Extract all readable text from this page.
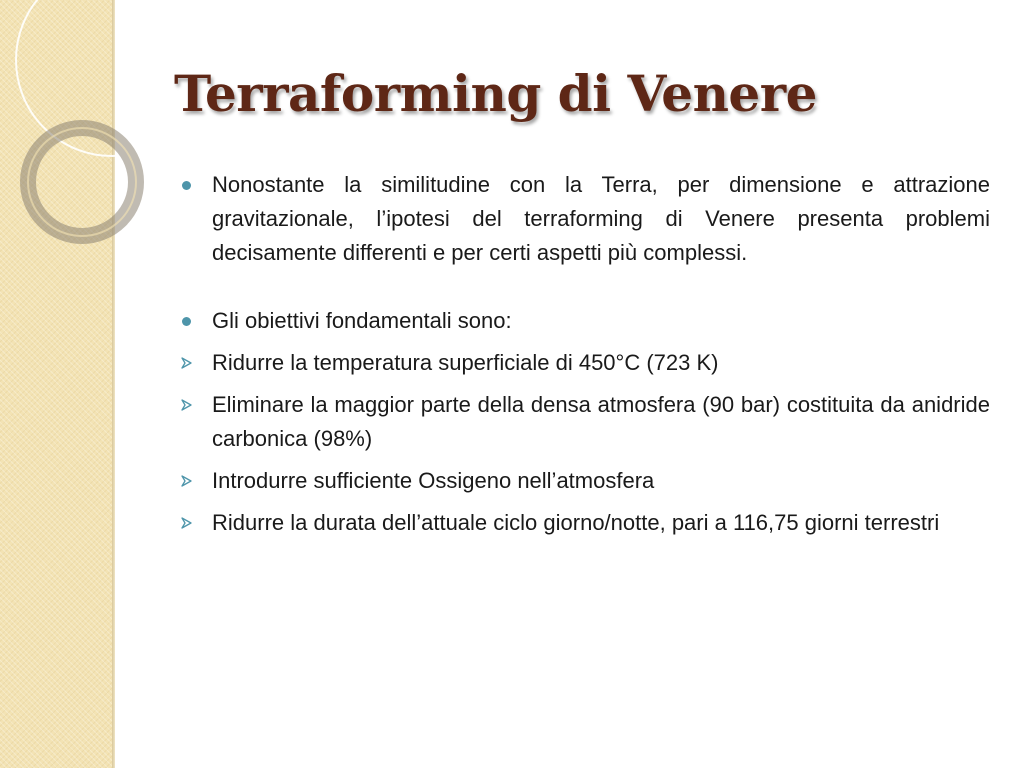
Terraforming di Venere
Nonostante la similitudine con la Terra, per dimensione e attrazione gravitazionale, l’ipotesi del terraforming di Venere presenta problemi decisamente differenti e per certi aspetti più complessi.
Gli obiettivi fondamentali sono:
Ridurre la temperatura superficiale di 450°C (723 K)
Eliminare la maggior parte della densa atmosfera (90 bar) costituita da anidride carbonica (98%)
Introdurre sufficiente Ossigeno nell’atmosfera
Ridurre la durata dell’attuale ciclo giorno/notte, pari a 116,75 giorni terrestri
